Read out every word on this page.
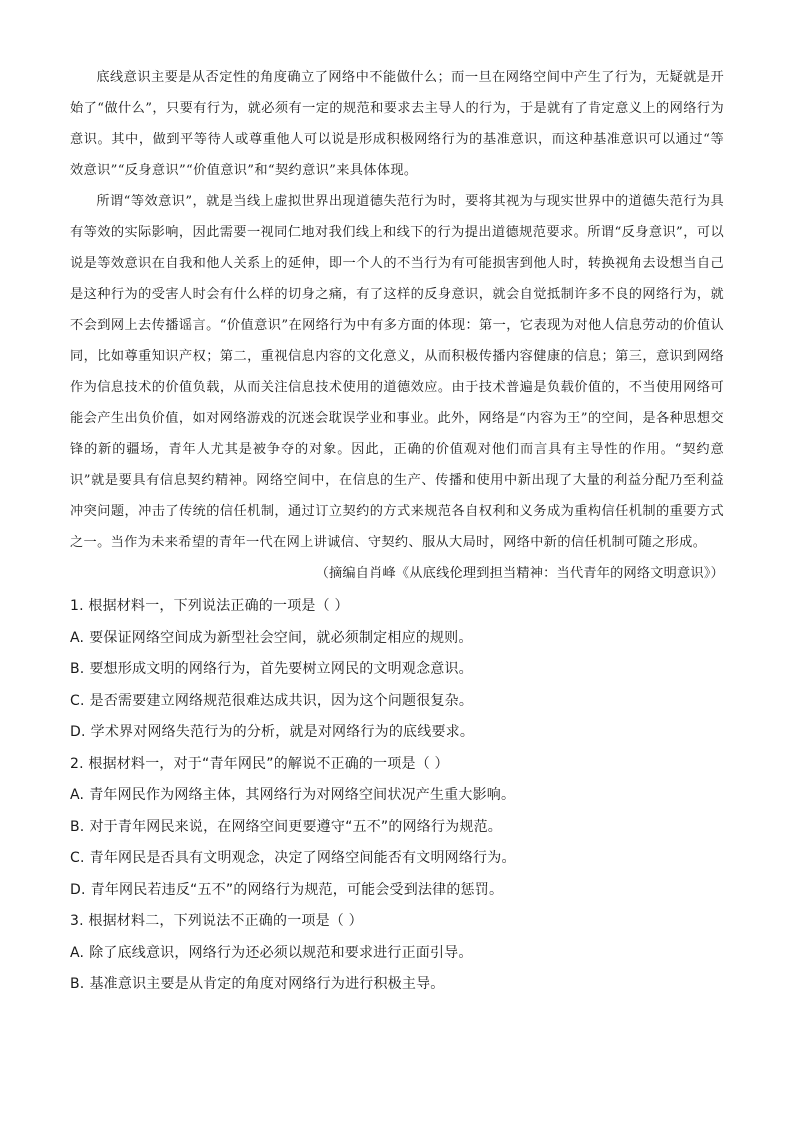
底线意识主要是从否定性的角度确立了网络中不能做什么；而一旦在网络空间中产生了行为，无疑就是开始了“做什么”，只要有行为，就必须有一定的规范和要求去主导人的行为，于是就有了肯定意义上的网络行为意识。其中，做到平等待人或尊重他人可以说是形成积极网络行为的基准意识，而这种基准意识可以通过“等效意识”“反身意识”“价值意识”和“契约意识”来具体体现。

所谓“等效意识”，就是当线上虚拟世界出现道德失范行为时，要将其视为与现实世界中的道德失范行为具有等效的实际影响，因此需要一视同仁地对我们线上和线下的行为提出道德规范要求。所谓“反身意识”，可以说是等效意识在自我和他人关系上的延伸，即一个人的不当行为有可能损害到他人时，转换视角去设想当自己是这种行为的受害人时会有什么样的切身之痛，有了这样的反身意识，就会自觉抵制许多不良的网络行为，就不会到网上去传播谣言。“价值意识”在网络行为中有多方面的体现：第一，它表现为对他人信息劳动的价值认同，比如尊重知识产权；第二，重视信息内容的文化意义，从而积极传播内容健康的信息；第三，意识到网络作为信息技术的价值负载，从而关注信息技术使用的道德效应。由于技术普遍是负载价值的，不当使用网络可能会产生出负价值，如对网络游戏的沉迷会耽误学业和事业。此外，网络是“内容为王”的空间，是各种思想交锋的新的疆场，青年人尤其是被争夺的对象。因此，正确的价值观对他们而言具有主导性的作用。“契约意识”就是要具有信息契约精神。网络空间中，在信息的生产、传播和使用中新出现了大量的利益分配乃至利益冲突问题，冲击了传统的信任机制，通过订立契约的方式来规范各自权利和义务成为重构信任机制的重要方式之一。当作为未来希望的青年一代在网上讲诚信、守契约、服从大局时，网络中新的信任机制可随之形成。

（摘编自肖峰《从底线伦理到担当精神：当代青年的网络文明意识》）

1. 根据材料一，下列说法正确的一项是（ ）

A. 要保证网络空间成为新型社会空间，就必须制定相应的规则。

B. 要想形成文明的网络行为，首先要树立网民的文明观念意识。

C. 是否需要建立网络规范很难达成共识，因为这个问题很复杂。

D. 学术界对网络失范行为的分析，就是对网络行为的底线要求。

2. 根据材料一，对于“青年网民”的解说不正确的一项是（ ）

A. 青年网民作为网络主体，其网络行为对网络空间状况产生重大影响。

B. 对于青年网民来说，在网络空间更要遵守“五不”的网络行为规范。

C. 青年网民是否具有文明观念，决定了网络空间能否有文明网络行为。

D. 青年网民若违反“五不”的网络行为规范，可能会受到法律的惩罚。

3. 根据材料二，下列说法不正确的一项是（ ）

A. 除了底线意识，网络行为还必须以规范和要求进行正面引导。

B. 基准意识主要是从肯定的角度对网络行为进行积极主导。
